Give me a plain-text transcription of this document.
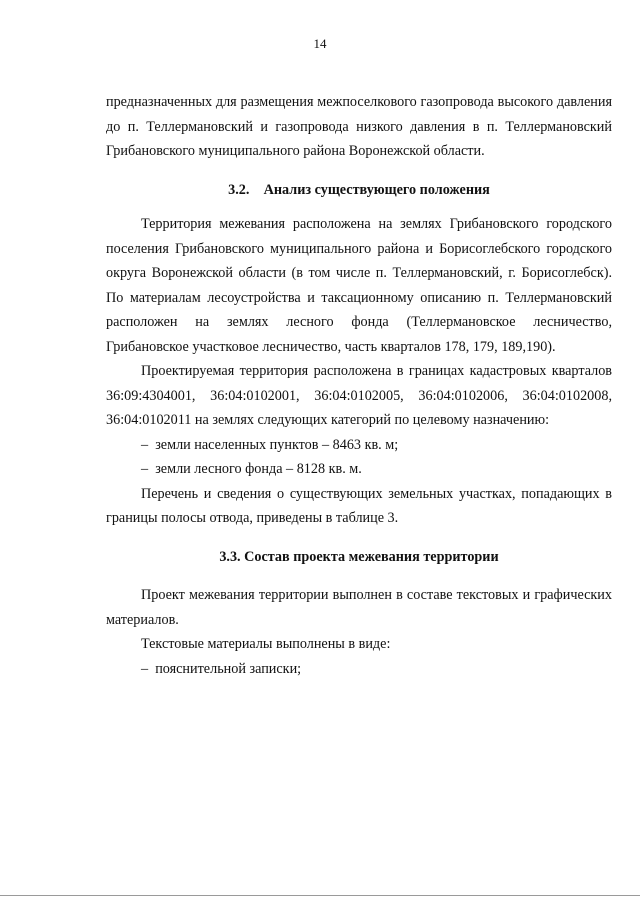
14

предназначенных для размещения межпоселкового газопровода высокого давления до п. Теллермановский и газопровода низкого давления в п. Теллермановский Грибановского муниципального района Воронежской области.

3.2.    Анализ существующего положения

Территория межевания расположена на землях Грибановского городского поселения Грибановского муниципального района и Борисоглебского городского округа Воронежской области (в том числе п. Теллермановский, г. Борисоглебск). По материалам лесоустройства и таксационному описанию п. Теллермановский расположен на землях лесного фонда (Теллермановское лесничество, Грибановское участковое лесничество, часть кварталов 178, 179, 189,190).

Проектируемая территория расположена в границах кадастровых кварталов 36:09:4304001, 36:04:0102001, 36:04:0102005, 36:04:0102006, 36:04:0102008, 36:04:0102011 на землях следующих категорий по целевому назначению:

–  земли населенных пунктов – 8463 кв. м;

–  земли лесного фонда – 8128 кв. м.

Перечень и сведения о существующих земельных участках, попадающих в границы полосы отвода, приведены в таблице 3.

3.3. Состав проекта межевания территории

Проект межевания территории выполнен в составе текстовых и графических материалов.

Текстовые материалы выполнены в виде:

–  пояснительной записки;
